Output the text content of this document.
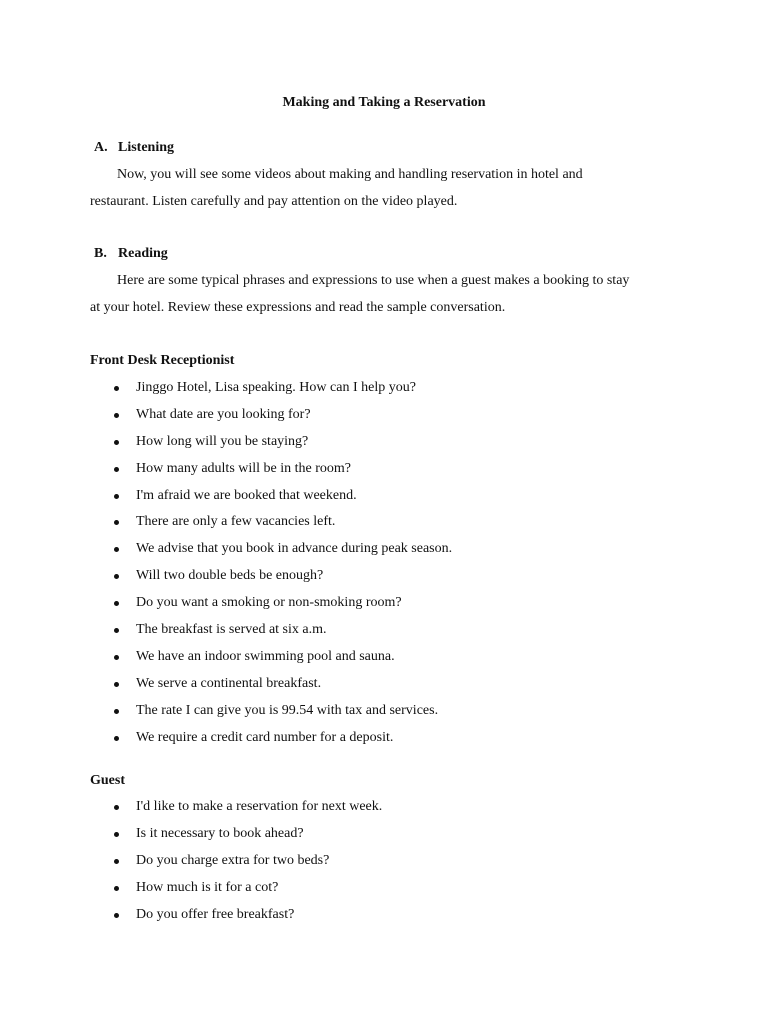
Making and Taking a Reservation
A. Listening
Now, you will see some videos about making and handling reservation in hotel and
restaurant. Listen carefully and pay attention on the video played.
B. Reading
Here are some typical phrases and expressions to use when a guest makes a booking to stay
at your hotel. Review these expressions and read the sample conversation.
Front Desk Receptionist
Jinggo Hotel, Lisa speaking. How can I help you?
What date are you looking for?
How long will you be staying?
How many adults will be in the room?
I'm afraid we are booked that weekend.
There are only a few vacancies left.
We advise that you book in advance during peak season.
Will two double beds be enough?
Do you want a smoking or non-smoking room?
The breakfast is served at six a.m.
We have an indoor swimming pool and sauna.
We serve a continental breakfast.
The rate I can give you is 99.54 with tax and services.
We require a credit card number for a deposit.
Guest
I'd like to make a reservation for next week.
Is it necessary to book ahead?
Do you charge extra for two beds?
How much is it for a cot?
Do you offer free breakfast?
